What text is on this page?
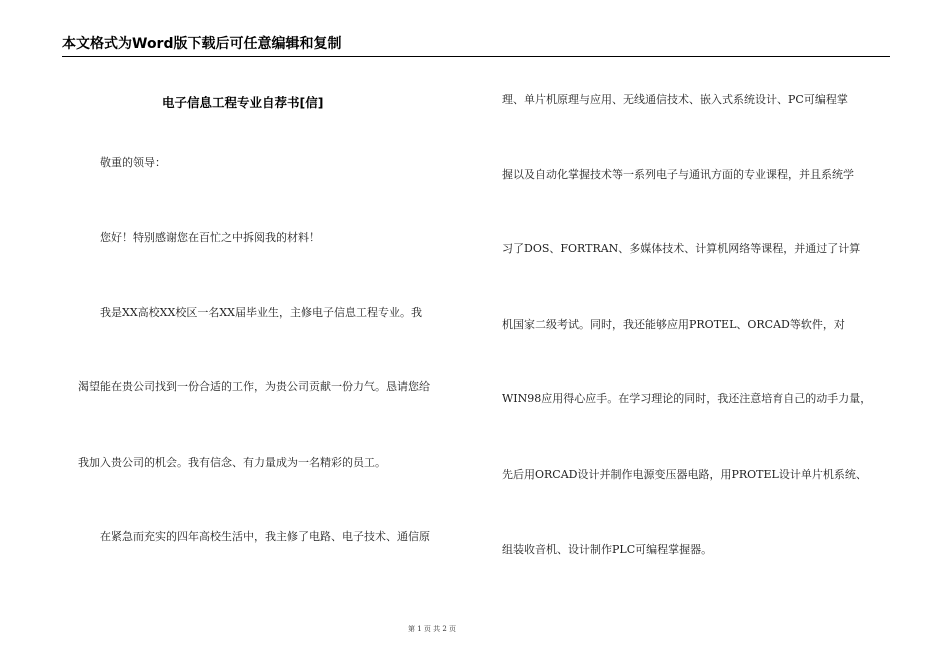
本文格式为Word版下载后可任意编辑和复制
电子信息工程专业自荐书[信]
敬重的领导：
您好！特别感谢您在百忙之中拆阅我的材料！
我是XX高校XX校区一名XX届毕业生，主修电子信息工程专业。我
渴望能在贵公司找到一份合适的工作，为贵公司贡献一份力气。恳请您给
我加入贵公司的机会。我有信念、有力量成为一名精彩的员工。
在紧急而充实的四年高校生活中，我主修了电路、电子技术、通信原
理、单片机原理与应用、无线通信技术、嵌入式系统设计、PC可编程掌
握以及自动化掌握技术等一系列电子与通讯方面的专业课程，并且系统学
习了DOS、FORTRAN、多媒体技术、计算机网络等课程，并通过了计算
机国家二级考试。同时，我还能够应用PROTEL、ORCAD等软件，对
WIN98应用得心应手。在学习理论的同时，我还注意培育自己的动手力量，
先后用ORCAD设计并制作电源变压器电路，用PROTEL设计单片机系统、
组装收音机、设计制作PLC可编程掌握器。
第 1 页 共 2 页
